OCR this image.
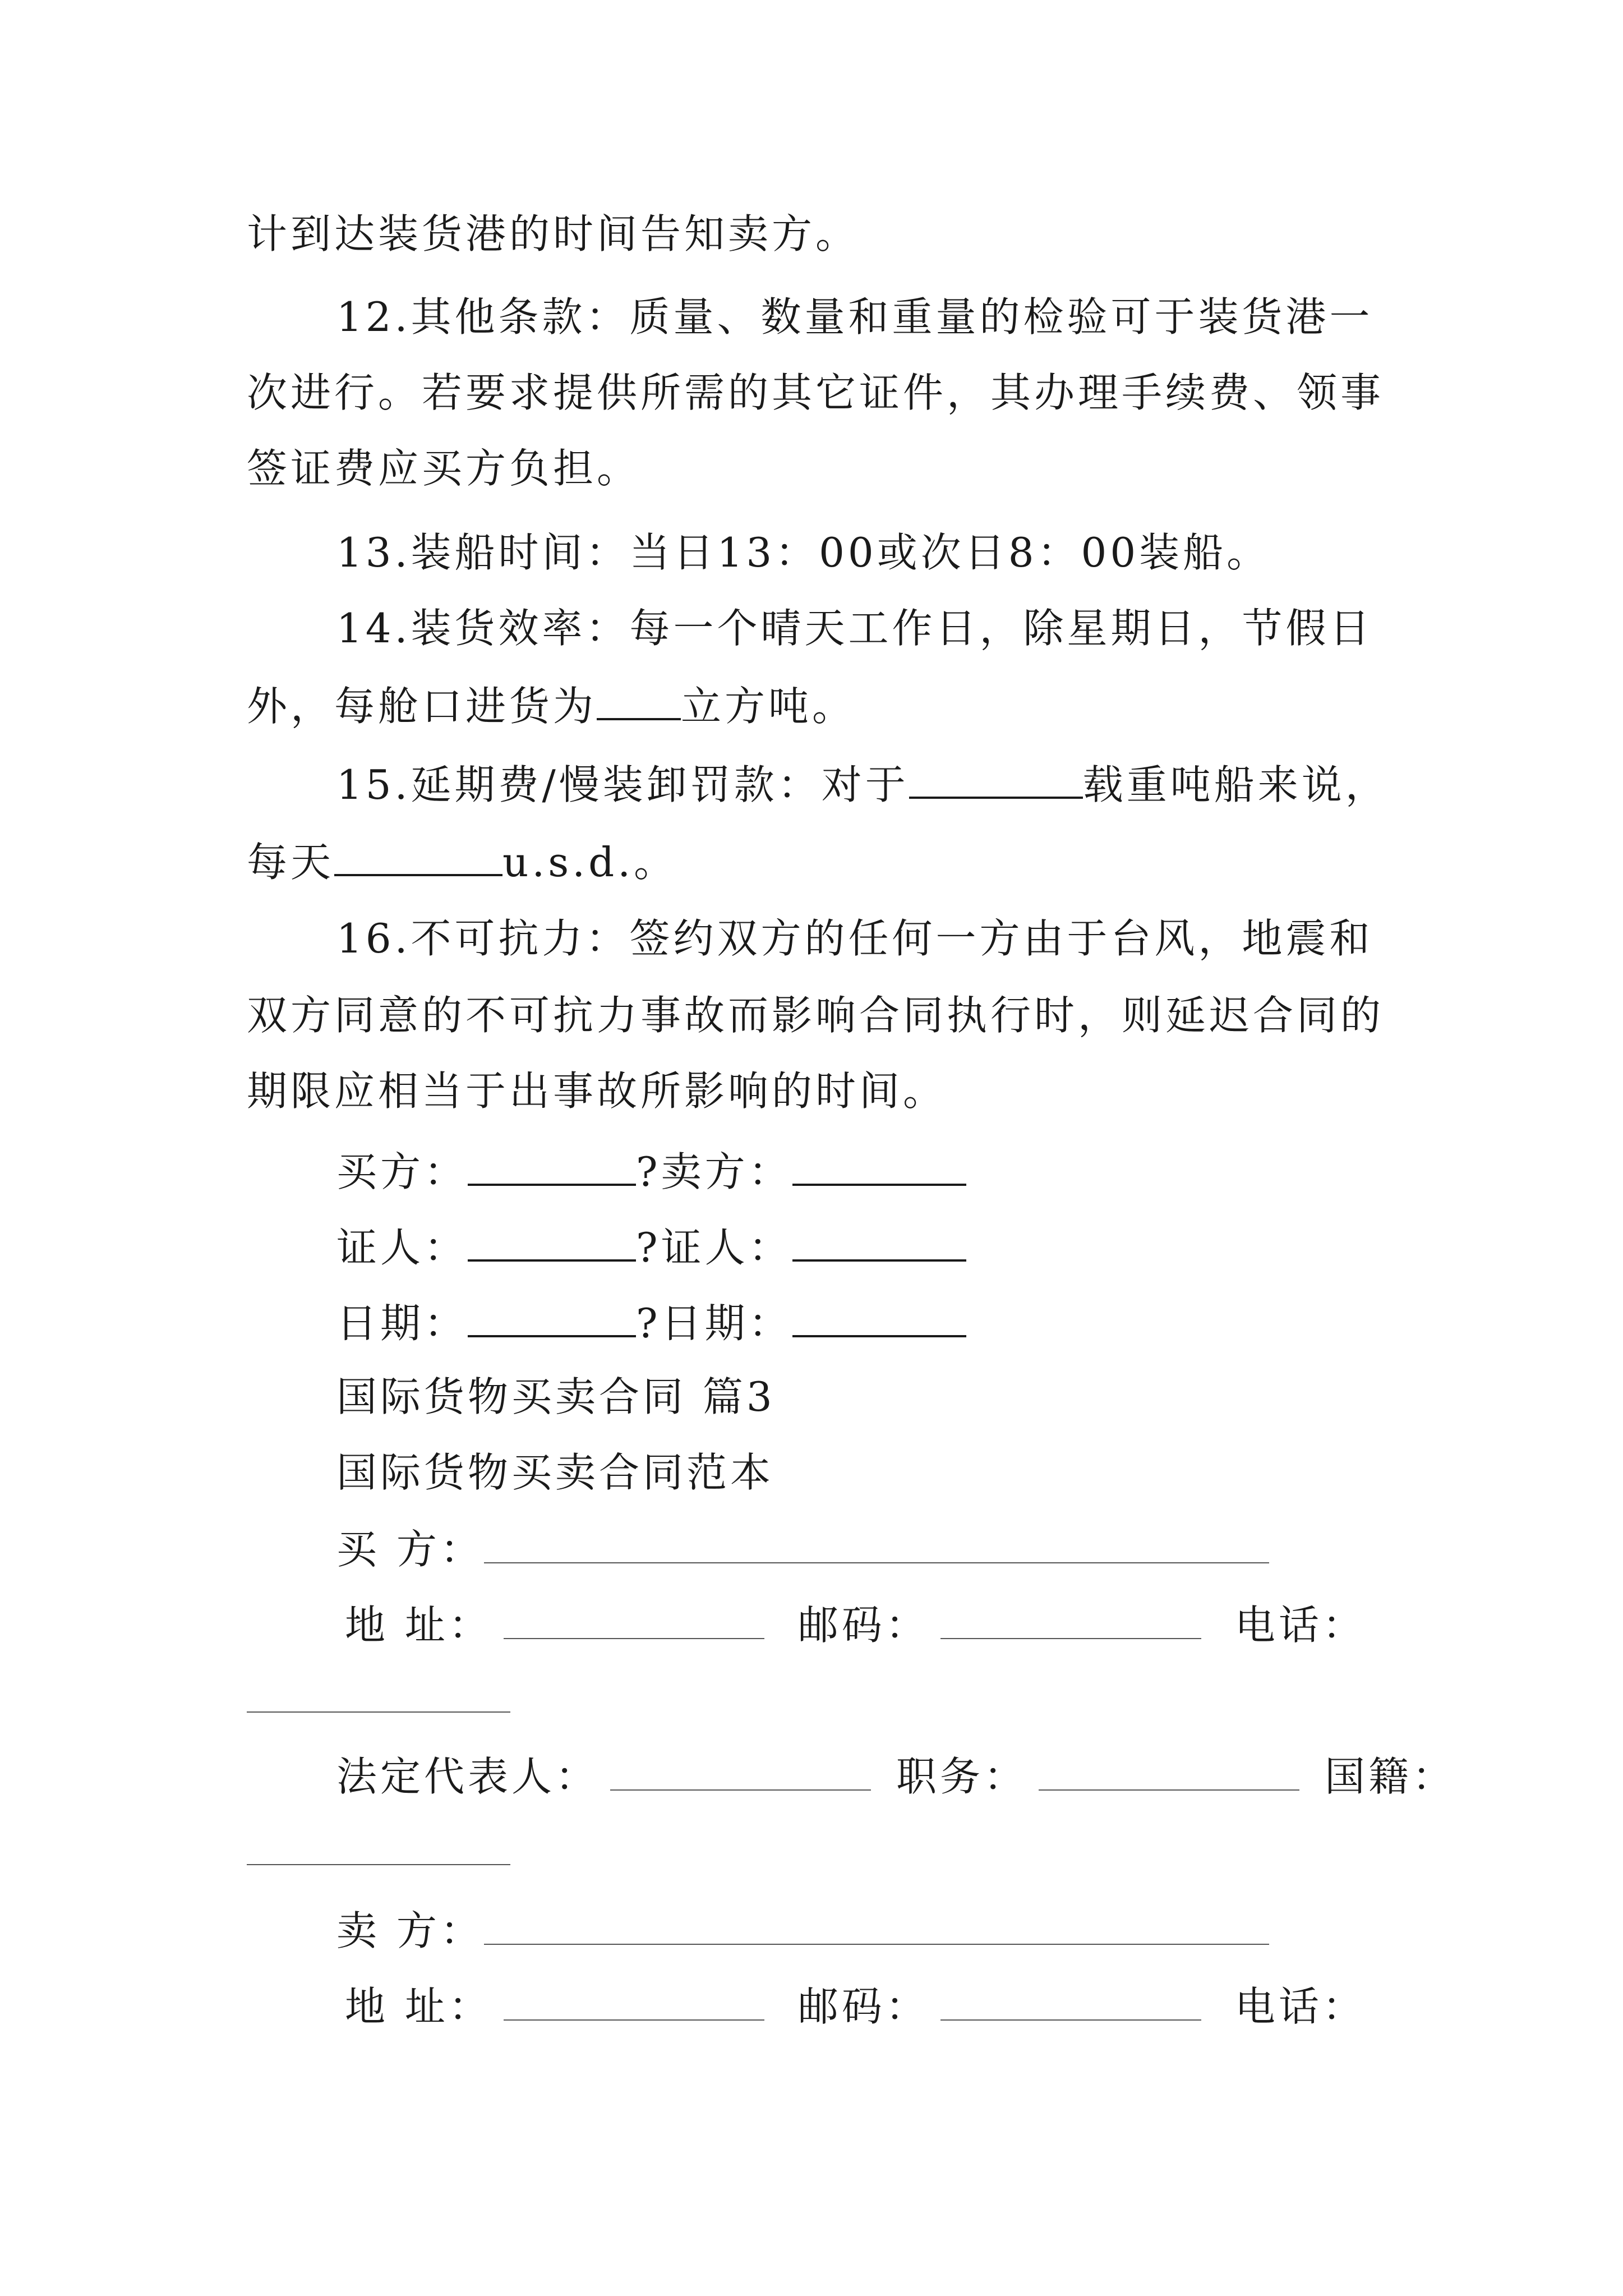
计到达装货港的时间告知卖方。
12.其他条款：质量、数量和重量的检验可于装货港一
次进行。若要求提供所需的其它证件，其办理手续费、领事
签证费应买方负担。
13.装船时间：当日13：00或次日8：00装船。
14.装货效率：每一个晴天工作日，除星期日，节假日
外，每舱口进货为 立方吨。
15.延期费/慢装卸罚款：对于	载重吨船来说，
每天	u.s.d.。
16.不可抗力：签约双方的任何一方由于台风，地震和
双方同意的不可抗力事故而影响合同执行时，则延迟合同的
期限应相当于出事故所影响的时间。
买方：	?卖方：
证人：	?证人：
日期：	?日期：
国际货物买卖合同 篇3
国际货物买卖合同范本
买 方：
地 址：	邮码：	电话：
法定代表人：	职务：	国籍：
卖 方：
地 址：	邮码：	电话：
